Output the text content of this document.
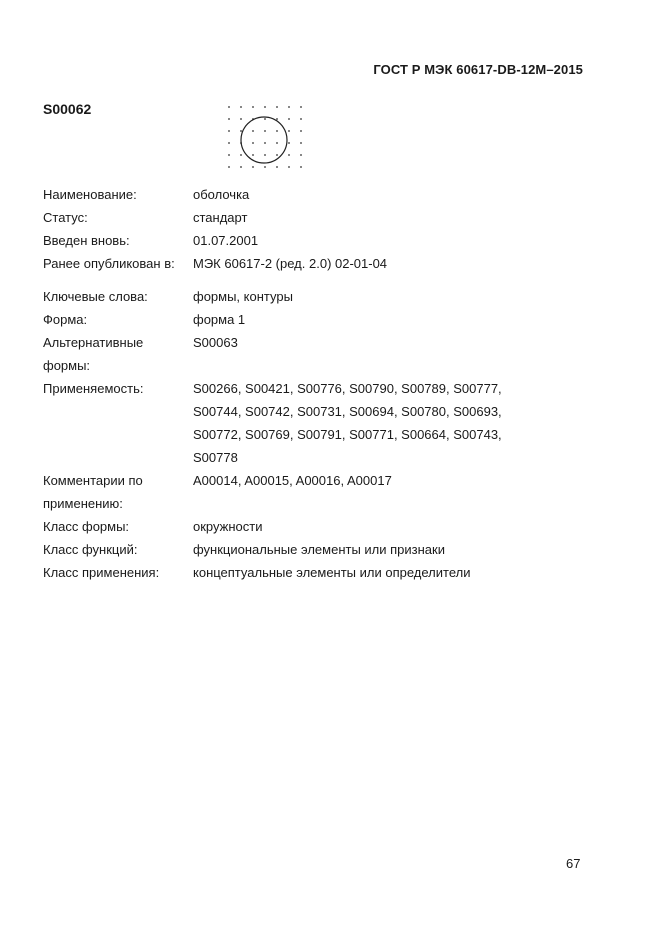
ГОСТ Р МЭК 60617-DB-12M–2015
S00062
Наименование:	оболочка
Статус:	стандарт
Введен вновь:	01.07.2001
Ранее опубликован в:	МЭК 60617-2 (ред. 2.0) 02-01-04
Ключевые слова:	формы, контуры
Форма:	форма 1
Альтернативные	S00063
формы:
Применяемость:	S00266, S00421, S00776, S00790, S00789, S00777,
S00744, S00742, S00731, S00694, S00780, S00693,
S00772, S00769, S00791, S00771, S00664, S00743,
S00778
Комментарии по	A00014, A00015, A00016, A00017
применению:
Класс формы:	окружности
Класс функций:	функциональные элементы или признаки
Класс применения:	концептуальные элементы или определители
67
